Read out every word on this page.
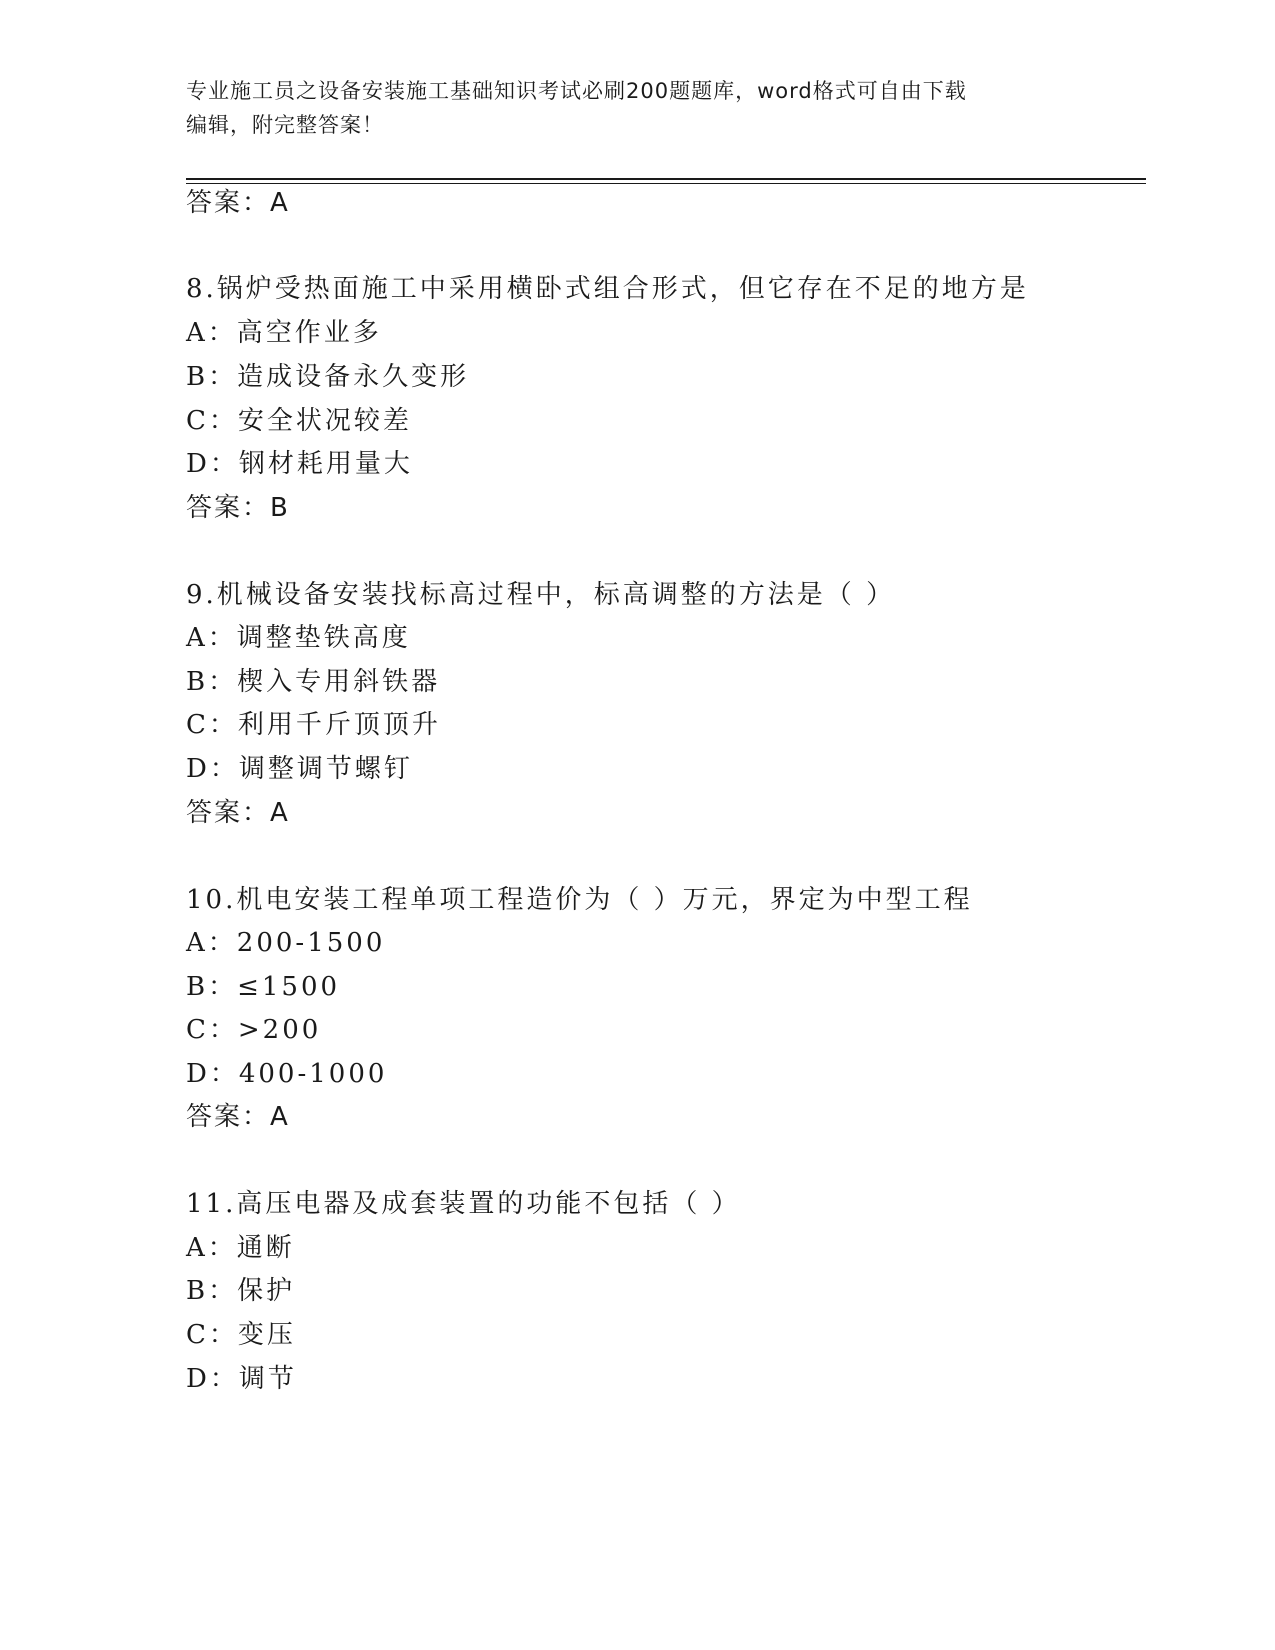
专业施工员之设备安装施工基础知识考试必刷200题题库，word格式可自由下载
编辑，附完整答案！
答案：A
8.锅炉受热面施工中采用横卧式组合形式，但它存在不足的地方是
A：高空作业多
B：造成设备永久变形
C：安全状况较差
D：钢材耗用量大
答案：B
9.机械设备安装找标高过程中，标高调整的方法是（ ）
A：调整垫铁高度
B：楔入专用斜铁器
C：利用千斤顶顶升
D：调整调节螺钉
答案：A
10.机电安装工程单项工程造价为（ ）万元，界定为中型工程
A：200-1500
B：≤1500
C：>200
D：400-1000
答案：A
11.高压电器及成套装置的功能不包括（ ）
A：通断
B：保护
C：变压
D：调节
